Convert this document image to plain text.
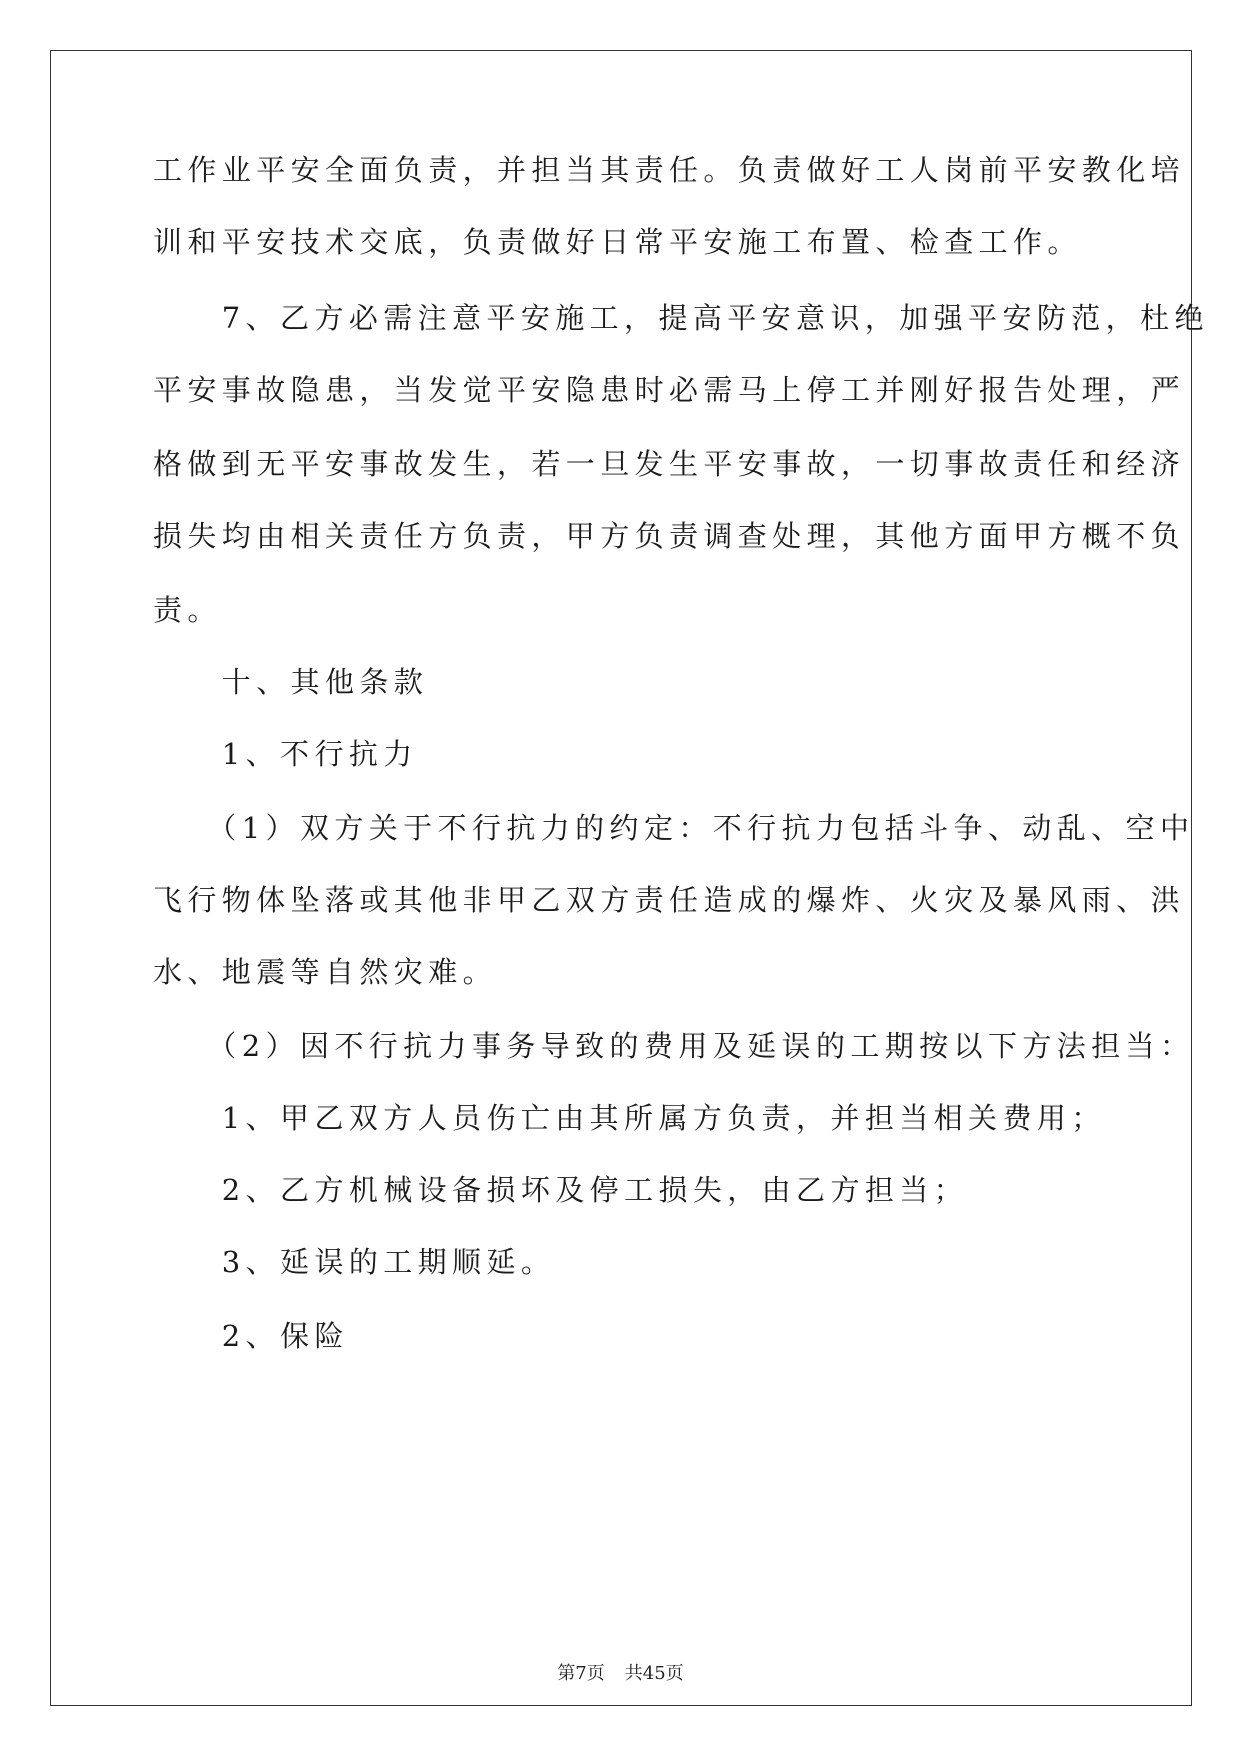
工作业平安全面负责，并担当其责任。负责做好工人岗前平安教化培
训和平安技术交底，负责做好日常平安施工布置、检查工作。
　　7、乙方必需注意平安施工，提高平安意识，加强平安防范，杜绝
平安事故隐患，当发觉平安隐患时必需马上停工并刚好报告处理，严
格做到无平安事故发生，若一旦发生平安事故，一切事故责任和经济
损失均由相关责任方负责，甲方负责调查处理，其他方面甲方概不负
责。
　　十、其他条款
　　1、不行抗力
　　（1）双方关于不行抗力的约定：不行抗力包括斗争、动乱、空中
飞行物体坠落或其他非甲乙双方责任造成的爆炸、火灾及暴风雨、洪
水、地震等自然灾难。
　　（2）因不行抗力事务导致的费用及延误的工期按以下方法担当：
　　1、甲乙双方人员伤亡由其所属方负责，并担当相关费用；
　　2、乙方机械设备损坏及停工损失，由乙方担当；
　　3、延误的工期顺延。
　　2、保险
第7页 共45页
